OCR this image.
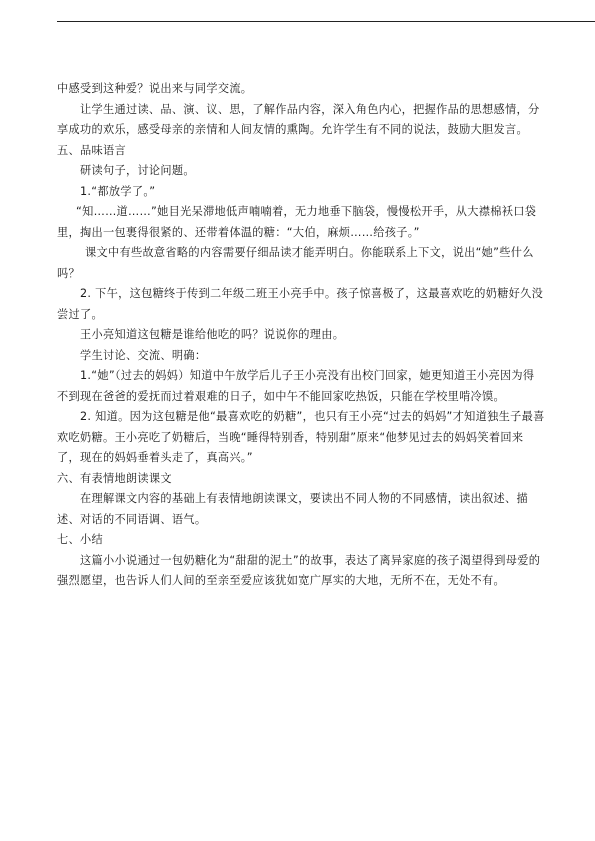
中感受到这种爱？说出来与同学交流。

让学生通过读、品、演、议、思，了解作品内容，深入角色内心，把握作品的思想感情，分享成功的欢乐，感受母亲的亲情和人间友情的熏陶。允许学生有不同的说法，鼓励大胆发言。

五、品味语言

研读句子，讨论问题。

1.“都放学了。”

“知……道……”她目光呆滞地低声喃喃着，无力地垂下脑袋，慢慢松开手，从大襟棉袄口袋里，掏出一包裹得很紧的、还带着体温的糖：“大伯，麻烦……给孩子。”

课文中有些故意省略的内容需要仔细品读才能弄明白。你能联系上下文，说出“她”些什么吗？

2. 下午，这包糖终于传到二年级二班王小亮手中。孩子惊喜极了，这最喜欢吃的奶糖好久没尝过了。

王小亮知道这包糖是谁给他吃的吗？说说你的理由。

学生讨论、交流、明确：

1.“她”（过去的妈妈）知道中午放学后儿子王小亮没有出校门回家，她更知道王小亮因为得不到现在爸爸的爱抚而过着艰难的日子，如中午不能回家吃热饭，只能在学校里啃冷馍。

2. 知道。因为这包糖是他“最喜欢吃的奶糖”，也只有王小亮“过去的妈妈”才知道独生子最喜欢吃奶糖。王小亮吃了奶糖后，当晚“睡得特别香，特别甜”原来“他梦见过去的妈妈笑着回来了，现在的妈妈垂着头走了，真高兴。”

六、有表情地朗读课文

在理解课文内容的基础上有表情地朗读课文，要读出不同人物的不同感情，读出叙述、描述、对话的不同语调、语气。

七、小结

这篇小小说通过一包奶糖化为“甜甜的泥土”的故事，表达了离异家庭的孩子渴望得到母爱的强烈愿望，也告诉人们人间的至亲至爱应该犹如宽广厚实的大地，无所不在，无处不有。
